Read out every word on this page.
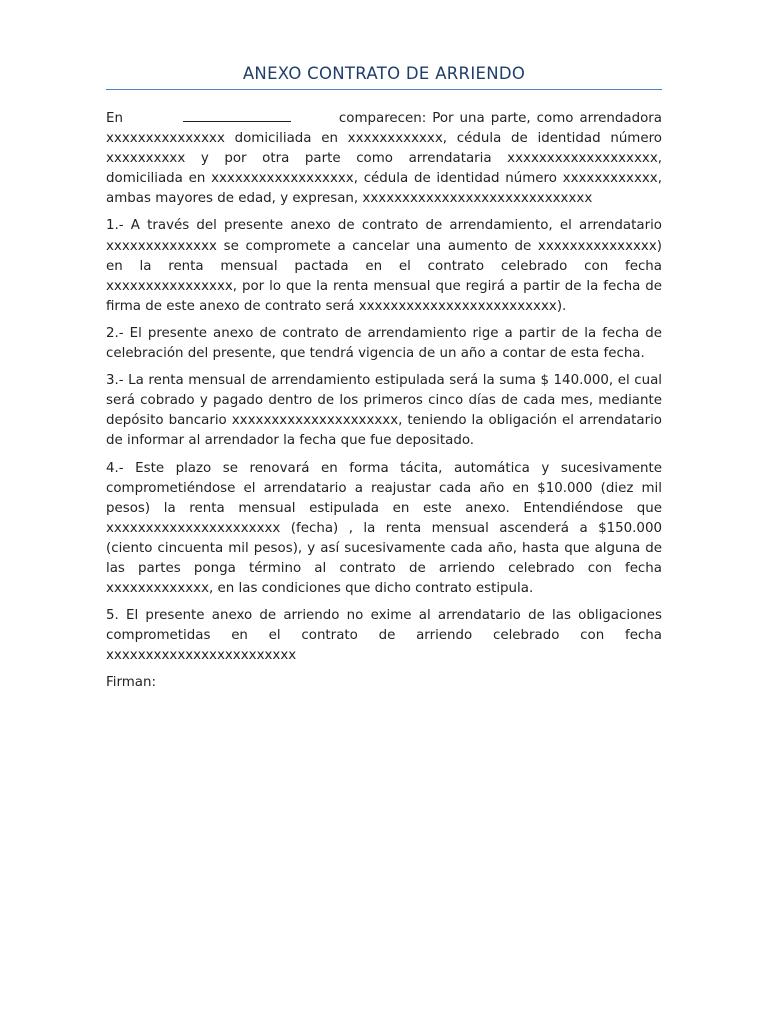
ANEXO CONTRATO DE ARRIENDO

En	comparecen: Por una parte, como arrendadora xxxxxxxxxxxxxxx domiciliada en xxxxxxxxxxxx, cédula de identidad número xxxxxxxxxx y por otra parte como arrendataria xxxxxxxxxxxxxxxxxxx, domiciliada en xxxxxxxxxxxxxxxxxx, cédula de identidad número xxxxxxxxxxxx, ambas mayores de edad, y expresan, xxxxxxxxxxxxxxxxxxxxxxxxxxxxx

1.- A través del presente anexo de contrato de arrendamiento, el arrendatario xxxxxxxxxxxxxx se compromete a cancelar una aumento de xxxxxxxxxxxxxxx) en la renta mensual pactada en el contrato celebrado con fecha xxxxxxxxxxxxxxxx, por lo que la renta mensual que regirá a partir de la fecha de firma de este anexo de contrato será xxxxxxxxxxxxxxxxxxxxxxxxx).

2.- El presente anexo de contrato de arrendamiento rige a partir de la fecha de celebración del presente, que tendrá vigencia de un año a contar de esta fecha.

3.- La renta mensual de arrendamiento estipulada será la suma $ 140.000, el cual será cobrado y pagado dentro de los primeros cinco días de cada mes, mediante depósito bancario xxxxxxxxxxxxxxxxxxxxx, teniendo la obligación el arrendatario de informar al arrendador la fecha que fue depositado.

4.- Este plazo se renovará en forma tácita, automática y sucesivamente comprometiéndose el arrendatario a reajustar cada año en $10.000 (diez mil pesos) la renta mensual estipulada en este anexo. Entendiéndose que xxxxxxxxxxxxxxxxxxxxxx (fecha) , la renta mensual ascenderá a $150.000 (ciento cincuenta mil pesos), y así sucesivamente cada año, hasta que alguna de las partes ponga término al contrato de arriendo celebrado con fecha xxxxxxxxxxxxx, en las condiciones que dicho contrato estipula.

5. El presente anexo de arriendo no exime al arrendatario de las obligaciones comprometidas en el contrato de arriendo celebrado con fecha xxxxxxxxxxxxxxxxxxxxxxxx

Firman:
